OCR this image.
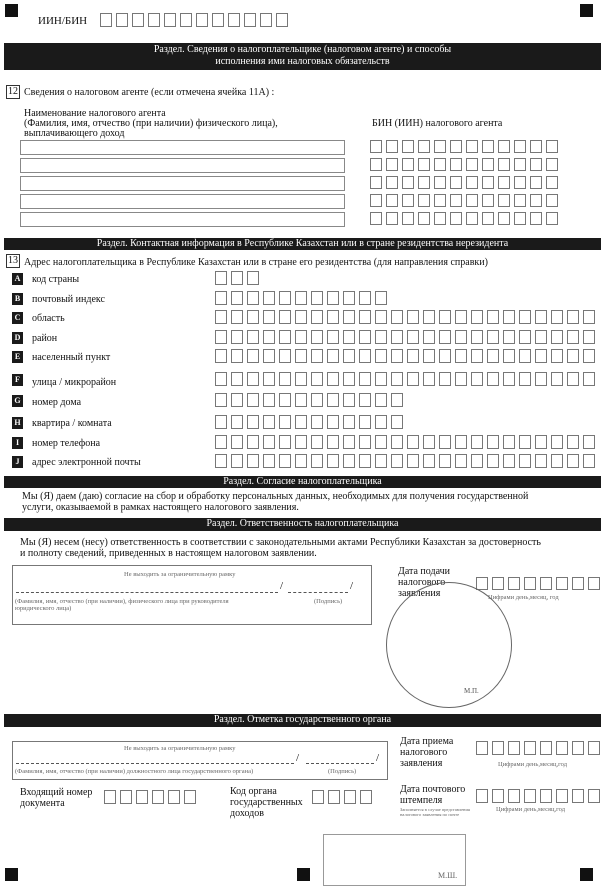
ИИН/БИН
Раздел. Сведения о налогоплательщике (налоговом агенте) и способы
исполнения ими налоговых обязательств
12 Сведения о налоговом агенте (если отмечена ячейка 11А) :
Наименование налогового агента
(Фамилия, имя, отчество (при наличии) физического лица),
выплачивающего доход
БИН (ИИН) налогового агента
Раздел. Контактная информация в Республике Казахстан или в стране резидентства нерезидента
13 Адрес налогоплательщика в Республике Казахстан или в стране его резидентства (для направления справки)
A код страны
B почтовый индекс
C область
D район
E населенный пункт
F	улица / микрорайон
G номер дома
H квартира / комната
I	номер телефона
J	адрес электронной почты
Раздел. Согласие налогоплательщика
Мы (Я) даем (даю) согласие на сбор и обработку персональных данных, необходимых для получения государственной
услуги, оказываемой в рамках настоящего налогового заявления.
Раздел. Ответственность налогоплательщика
Мы (Я) несем (несу) ответственность в соответствии с законодательными актами Республики Казахстан за достоверность
и полноту сведений, приведенных в настоящем налоговом заявлении.
Не выходить за ограничительную рамку
/	/
(Фамилия, имя, отчество (при наличии), физического лица при руководителя
юридического лица)
(Подпись)
Дата подачи
налогового
заявления	Цифрами день,месяц, год
М.П.
Раздел. Отметка государственного органа
Не выходить за ограничительную рамку
/	/
(Фамилия, имя, отчество (при наличии) должностного лица государственного органа)	(Подпись)
Дата приема
налогового
заявления	Цифрами день,месяц,год
Входящий номер
документа
Код органа
государственных
доходов
Дата почтового
штемпеля
Заполняется в случае представления налогового заявления по почте
Цифрами день,месяц,год
М.Ш.
